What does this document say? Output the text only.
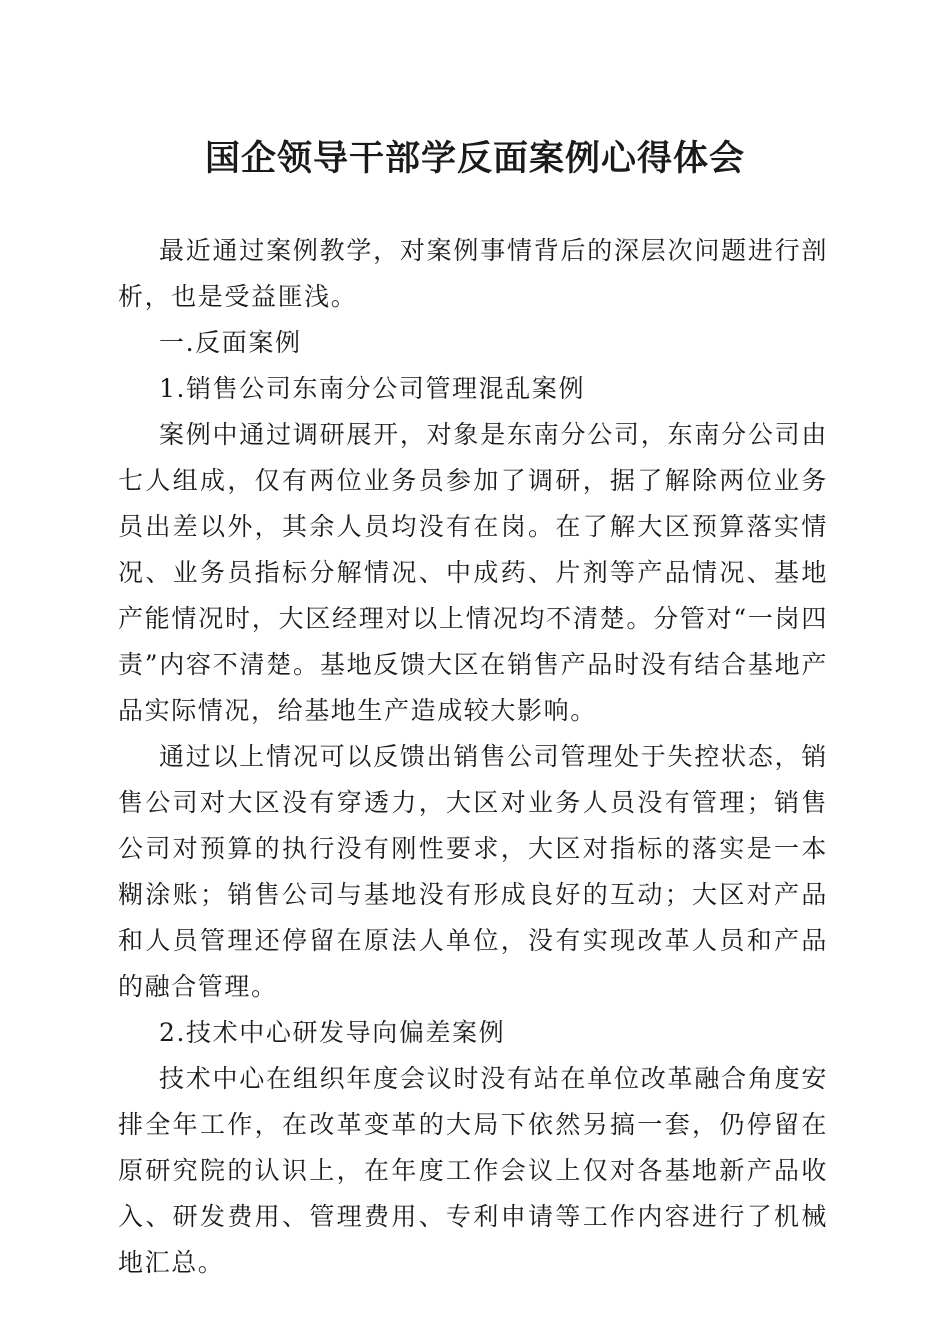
国企领导干部学反面案例心得体会

最近通过案例教学，对案例事情背后的深层次问题进行剖析，也是受益匪浅。

一.反面案例

1.销售公司东南分公司管理混乱案例

案例中通过调研展开，对象是东南分公司，东南分公司由七人组成，仅有两位业务员参加了调研，据了解除两位业务员出差以外，其余人员均没有在岗。在了解大区预算落实情况、业务员指标分解情况、中成药、片剂等产品情况、基地产能情况时，大区经理对以上情况均不清楚。分管对“一岗四责”内容不清楚。基地反馈大区在销售产品时没有结合基地产品实际情况，给基地生产造成较大影响。

通过以上情况可以反馈出销售公司管理处于失控状态，销售公司对大区没有穿透力，大区对业务人员没有管理；销售公司对预算的执行没有刚性要求，大区对指标的落实是一本糊涂账；销售公司与基地没有形成良好的互动；大区对产品和人员管理还停留在原法人单位，没有实现改革人员和产品的融合管理。

2.技术中心研发导向偏差案例

技术中心在组织年度会议时没有站在单位改革融合角度安排全年工作，在改革变革的大局下依然另搞一套，仍停留在原研究院的认识上，在年度工作会议上仅对各基地新产品收入、研发费用、管理费用、专利申请等工作内容进行了机械地汇总。
